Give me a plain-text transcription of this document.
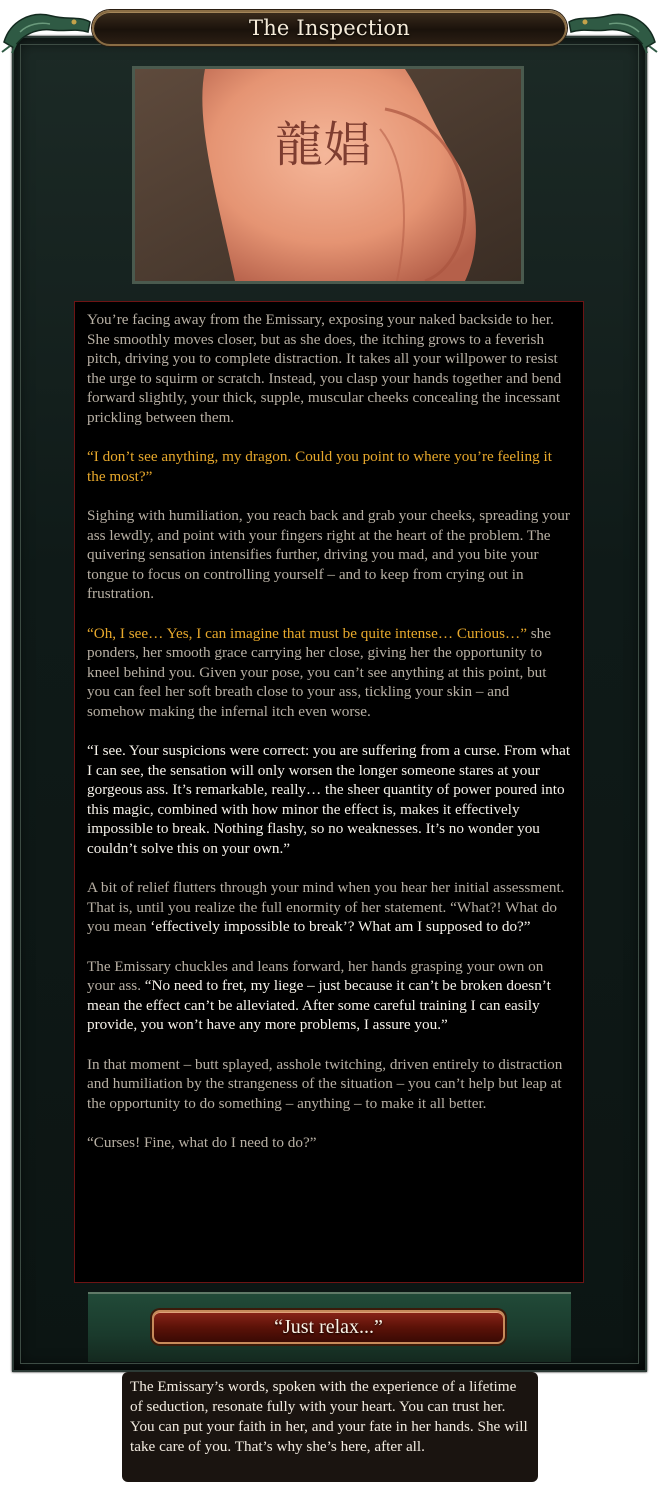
The Inspection
龍娼

You’re facing away from the Emissary, exposing your naked backside to her. She smoothly moves closer, but as she does, the itching grows to a feverish pitch, driving you to complete distraction. It takes all your willpower to resist the urge to squirm or scratch. Instead, you clasp your hands together and bend forward slightly, your thick, supple, muscular cheeks concealing the incessant prickling between them.

“I don’t see anything, my dragon. Could you point to where you’re feeling it the most?”

Sighing with humiliation, you reach back and grab your cheeks, spreading your ass lewdly, and point with your fingers right at the heart of the problem. The quivering sensation intensifies further, driving you mad, and you bite your tongue to focus on controlling yourself – and to keep from crying out in frustration.

“Oh, I see… Yes, I can imagine that must be quite intense… Curious…” she ponders, her smooth grace carrying her close, giving her the opportunity to kneel behind you. Given your pose, you can’t see anything at this point, but you can feel her soft breath close to your ass, tickling your skin – and somehow making the infernal itch even worse.

“I see. Your suspicions were correct: you are suffering from a curse. From what I can see, the sensation will only worsen the longer someone stares at your gorgeous ass. It’s remarkable, really… the sheer quantity of power poured into this magic, combined with how minor the effect is, makes it effectively impossible to break. Nothing flashy, so no weaknesses. It’s no wonder you couldn’t solve this on your own.”

A bit of relief flutters through your mind when you hear her initial assessment. That is, until you realize the full enormity of her statement. “What?! What do you mean ‘effectively impossible to break’? What am I supposed to do?”

The Emissary chuckles and leans forward, her hands grasping your own on your ass. “No need to fret, my liege – just because it can’t be broken doesn’t mean the effect can’t be alleviated. After some careful training I can easily provide, you won’t have any more problems, I assure you.”

In that moment – butt splayed, asshole twitching, driven entirely to distraction and humiliation by the strangeness of the situation – you can’t help but leap at the opportunity to do something – anything – to make it all better.

“Curses! Fine, what do I need to do?”

“Just relax...”
The Emissary’s words, spoken with the experience of a lifetime of seduction, resonate fully with your heart. You can trust her. You can put your faith in her, and your fate in her hands. She will take care of you. That’s why she’s here, after all.
